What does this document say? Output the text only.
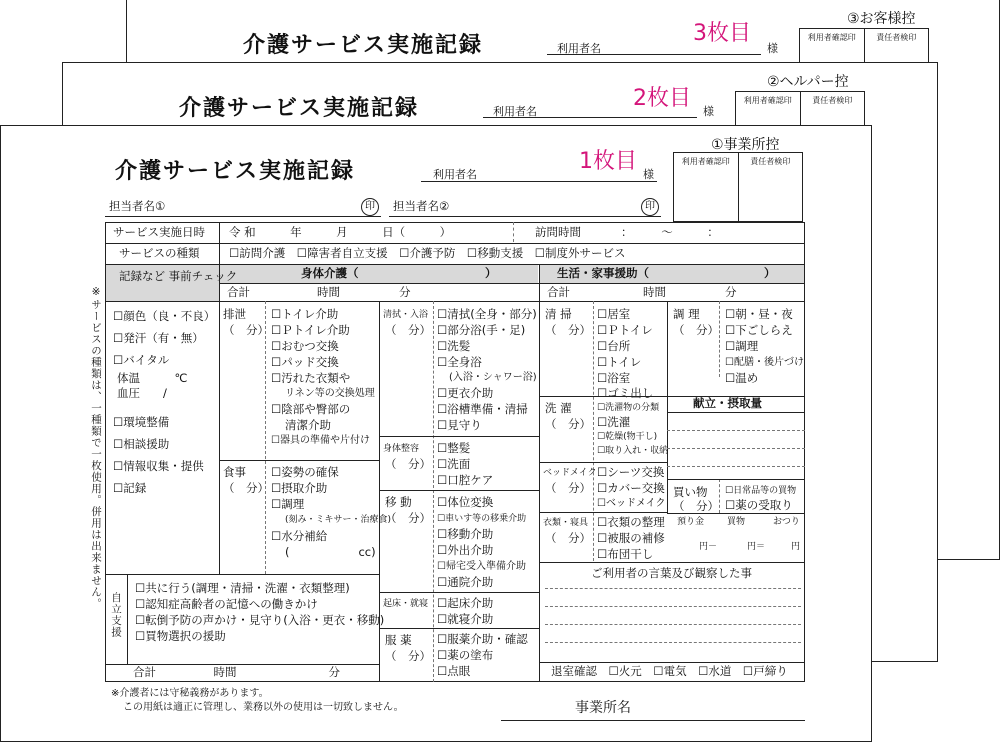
介護サービス実施記録	利用者名
3枚目
様
③お客様控
利用者確認印	責任者検印
介護サービス実施記録	利用者名
2枚目
様
②ヘルパー控
利用者確認印	責任者検印
介護サービス実施記録	利用者名
1枚目
様
①事業所控
利用者確認印	責任者検印
担当者名①	印	担当者名②	印
※サービスの種類は、一種類で一枚使用。併用は出来ません。
サービス実施日時 令 和　　　年　　　月　　　日（　　　）	訪問時間	：　　　～　　　：
サービスの種類	☐訪問介護　☐障害者自立支援　☐介護予防　☐移動支援　☐制度外サービス
記録など 事前チェック	身体介護（　　　　　　　　　　　）	生活・家事援助（　　　　　　　　　　）
合計	時間	分	合計	時間	分
☐顔色（良・不良）
☐発汗（有・無）
☐バイタル
体温　　　℃
血圧　　/
☐環境整備
☐相談援助
☐情報収集・提供
☐記録
排泄
（　分）
☐トイレ介助
☐Ｐトイレ介助
☐おむつ交換
☐パッド交換
☐汚れた衣類や
リネン等の交換処理
☐陰部や臀部の
清潔介助
☐器具の準備や片付け
食事
（　分）
☐姿勢の確保
☐摂取介助
☐調理
(刻み・ミキサー・治療食)
☐水分補給
(　　　　　　cc)
清拭・入浴
（　分）
☐清拭(全身・部分)
☐部分浴(手・足)
☐洗髪
☐全身浴
(入浴・シャワー浴)
☐更衣介助
☐浴槽準備・清掃
☐見守り
身体整容
（　分）
☐整髪
☐洗面
☐口腔ケア
移 動
（　分）
☐体位変換
☐車いす等の移乗介助
☐移動介助
☐外出介助
☐帰宅受入準備介助
☐通院介助
起床・就寝 ☐起床介助
☐就寝介助
服 薬
（　分）
☐服薬介助・確認
☐薬の塗布
☐点眼
自立支援
☐共に行う(調理・清掃・洗濯・衣類整理)
☐認知症高齢者の記憶への働きかけ
☐転倒予防の声かけ・見守り(入浴・更衣・移動)
☐買物選択の援助
合計　　　　　時間　　　　　　　　分
清 掃
（　分）
☐居室
☐Ｐトイレ
☐台所
☐トイレ
☐浴室
☐ゴミ出し
調 理
（　分）
☐朝・昼・夜
☐下ごしらえ
☐調理
☐配膳・後片づけ
☐温め
洗 濯
（　分）
☐洗濯物の分類
☐洗濯
☐乾燥(物干し)
☐取り入れ・収納
献立・摂取量
ベッドメイク
（　分）
☐シーツ交換
☐カバー交換
☐ベッドメイク
買い物
（　分）
☐日常品等の買物
☐薬の受取り
預り金	買物	おつり
円－	円＝	円
衣類・寝具
（　分）
☐衣類の整理
☐被服の補修
☐布団干し
ご利用者の言葉及び観察した事
退室確認　☐火元　☐電気　☐水道　☐戸締り
※介護者には守秘義務があります。
この用紙は適正に管理し、業務以外の使用は一切致しません。	事業所名
